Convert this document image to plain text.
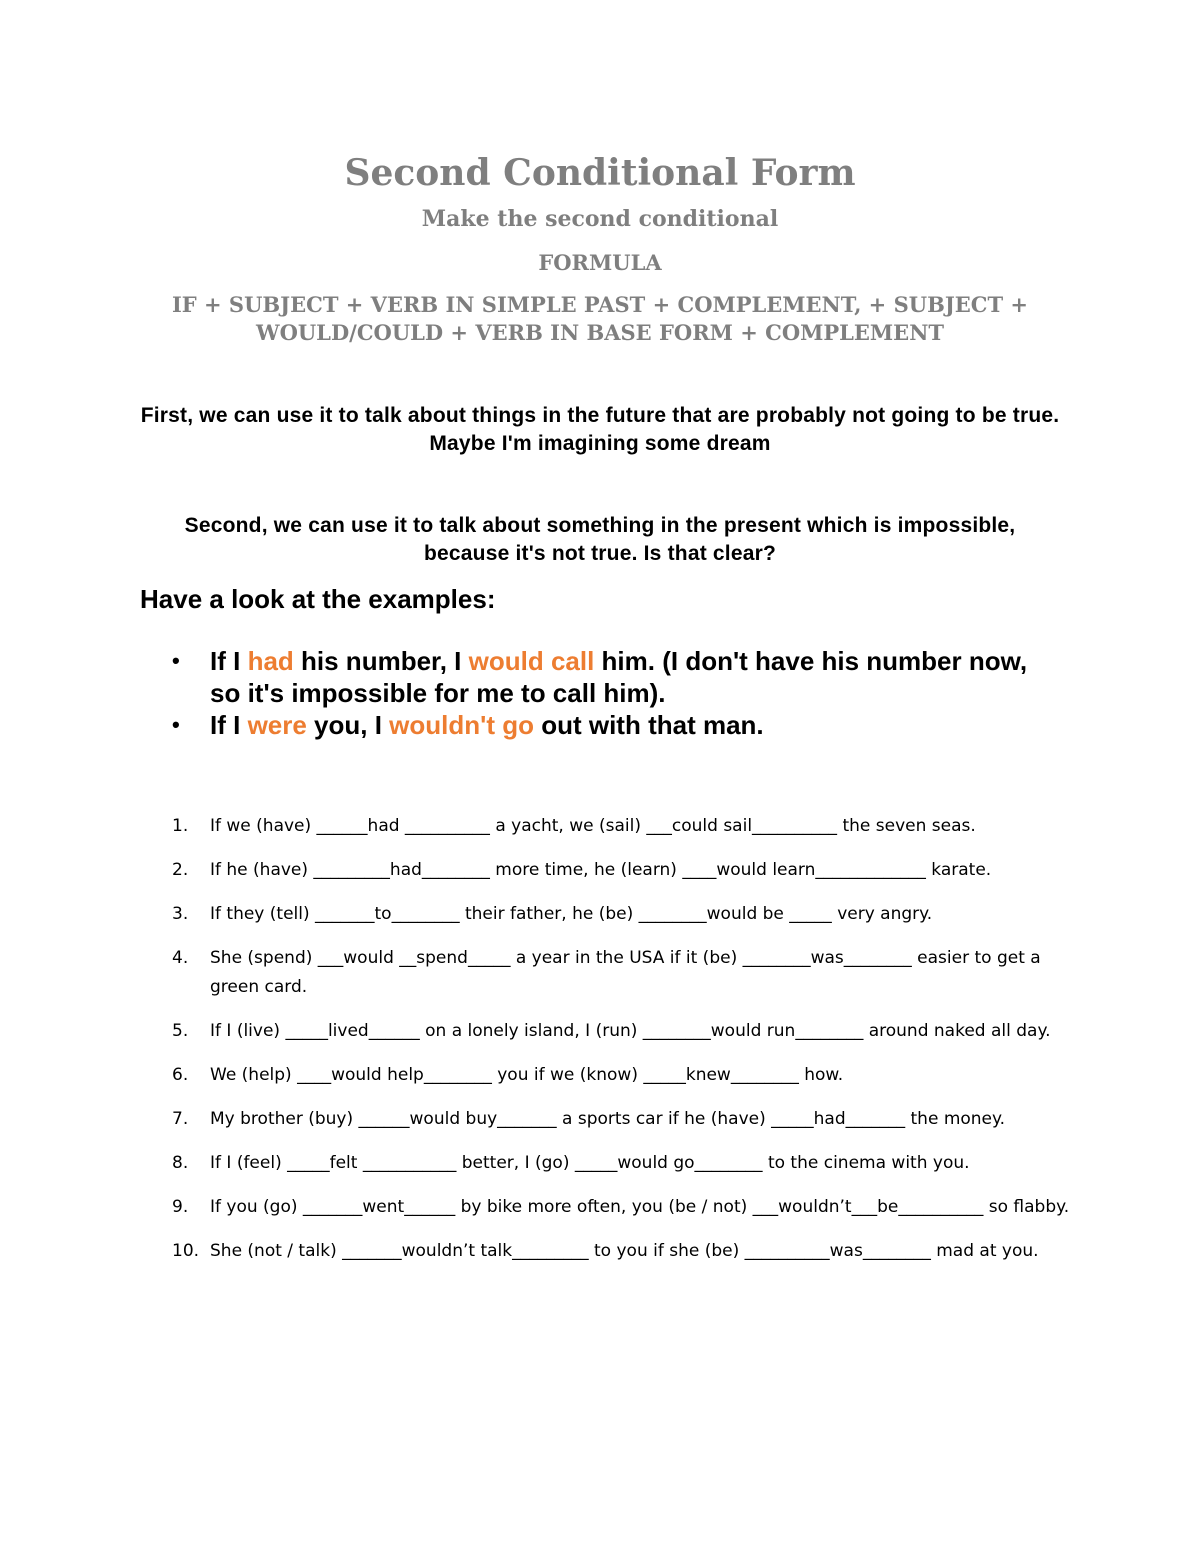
Second Conditional Form
Make the second conditional
FORMULA
IF + SUBJECT + VERB IN SIMPLE PAST + COMPLEMENT, + SUBJECT + WOULD/COULD + VERB IN BASE FORM + COMPLEMENT
First, we can use it to talk about things in the future that are probably not going to be true. Maybe I'm imagining some dream
Second, we can use it to talk about something in the present which is impossible, because it's not true. Is that clear?
Have a look at the examples:
• If I had his number, I would call him. (I don't have his number now, so it's impossible for me to call him).
• If I were you, I wouldn't go out with that man.
1. If we (have) ______had __________ a yacht, we (sail) ___could sail__________ the seven seas.
2. If he (have) _________had________ more time, he (learn) ____would learn_____________ karate.
3. If they (tell) _______to________ their father, he (be) ________would be _____ very angry.
4. She (spend) ___would __spend_____ a year in the USA if it (be) ________was________ easier to get a green card.
5. If I (live) _____lived______ on a lonely island, I (run) ________would run________ around naked all day.
6. We (help) ____would help________ you if we (know) _____knew________ how.
7. My brother (buy) ______would buy_______ a sports car if he (have) _____had_______ the money.
8. If I (feel) _____felt ___________ better, I (go) _____would go________ to the cinema with you.
9. If you (go) _______went______ by bike more often, you (be / not) ___wouldn’t___be__________ so flabby.
10. She (not / talk) _______wouldn’t talk_________ to you if she (be) __________was________ mad at you.
